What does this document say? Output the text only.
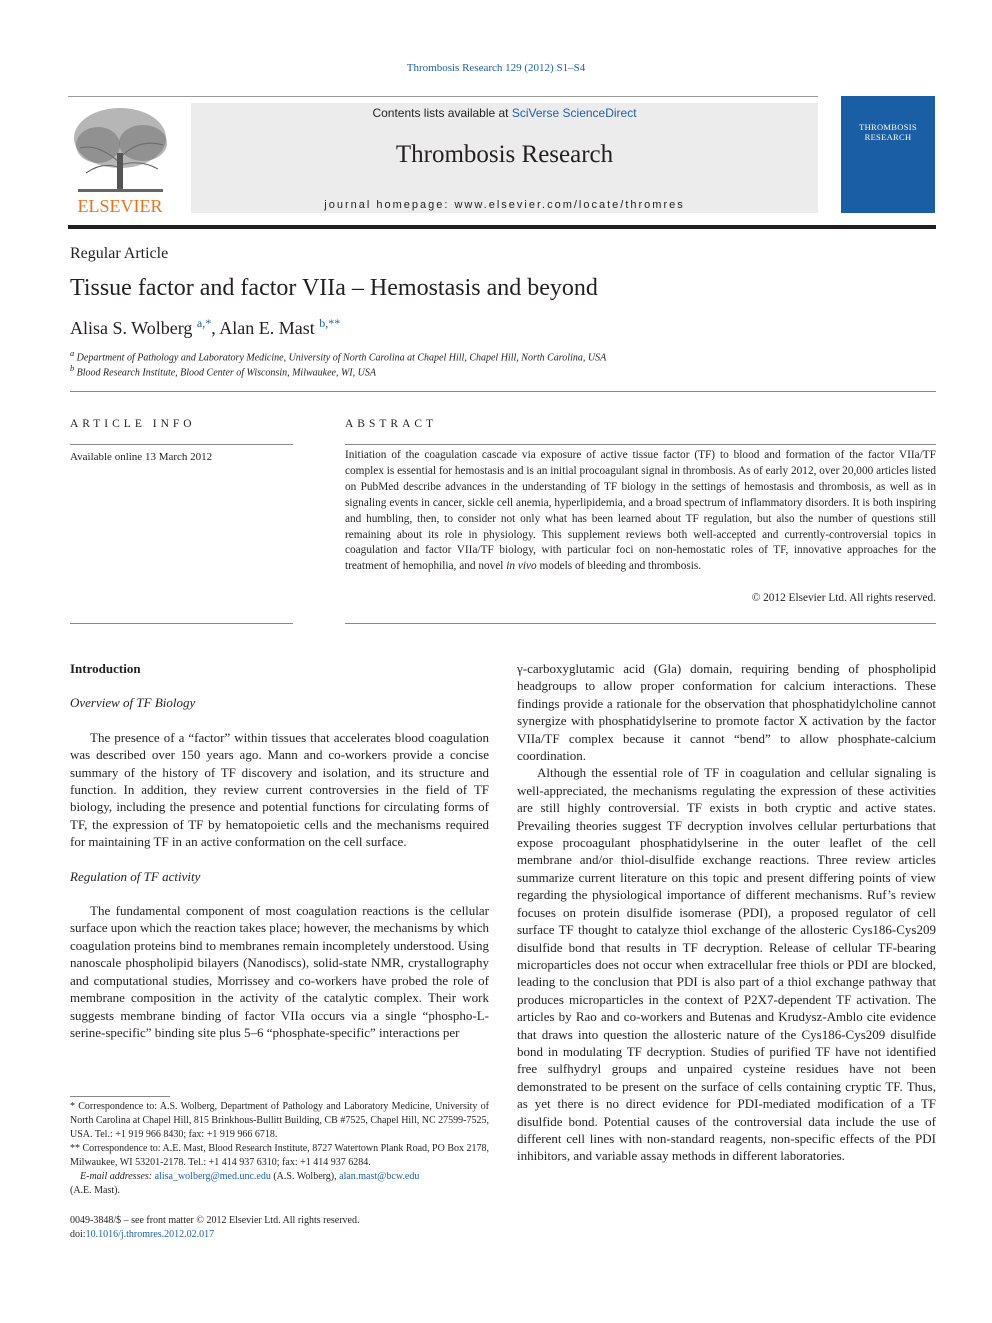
Thrombosis Research 129 (2012) S1–S4
ELSEVIER
Contents lists available at SciVerse ScienceDirect
Thrombosis Research
journal homepage: www.elsevier.com/locate/thromres
THROMBOSIS
RESEARCH
Regular Article
Tissue factor and factor VIIa – Hemostasis and beyond
Alisa S. Wolberg $^{a,*}$, Alan E. Mast $^{b,**}$
$^a$ Department of Pathology and Laboratory Medicine, University of North Carolina at Chapel Hill, Chapel Hill, North Carolina, USA
$^b$ Blood Research Institute, Blood Center of Wisconsin, Milwaukee, WI, USA
ARTICLE INFO	ABSTRACT
Available online 13 March 2012	Initiation of the coagulation cascade via exposure of active tissue factor (TF) to blood and formation of the factor VIIa/TF complex is essential for hemostasis and is an initial procoagulant signal in thrombosis. As of early 2012, over 20,000 articles listed on PubMed describe advances in the understanding of TF biology in the settings of hemostasis and thrombosis, as well as in signaling events in cancer, sickle cell anemia, hyperlipidemia, and a broad spectrum of inflammatory disorders. It is both inspiring and humbling, then, to consider not only what has been learned about TF regulation, but also the number of questions still remaining about its role in physiology. This supplement reviews both well-accepted and currently-controversial topics in coagulation and factor VIIa/TF biology, with particular foci on non-hemostatic roles of TF, innovative approaches for the treatment of hemophilia, and novel in vivo models of bleeding and thrombosis.
© 2012 Elsevier Ltd. All rights reserved.

Introduction

Overview of TF Biology

The presence of a “factor” within tissues that accelerates blood coagulation was described over 150 years ago. Mann and co-workers provide a concise summary of the history of TF discovery and isolation, and its structure and function. In addition, they review current controversies in the field of TF biology, including the presence and potential functions for circulating forms of TF, the expression of TF by hematopoietic cells and the mechanisms required for maintaining TF in an active conformation on the cell surface.

Regulation of TF activity

The fundamental component of most coagulation reactions is the cellular surface upon which the reaction takes place; however, the mechanisms by which coagulation proteins bind to membranes remain incompletely understood. Using nanoscale phospholipid bilayers (Nanodiscs), solid-state NMR, crystallography and computational studies, Morrissey and co-workers have probed the role of membrane composition in the activity of the catalytic complex. Their work suggests membrane binding of factor VIIa occurs via a single “phospho-L-serine-specific” binding site plus 5–6 “phosphate-specific” interactions per

γ-carboxyglutamic acid (Gla) domain, requiring bending of phospholipid headgroups to allow proper conformation for calcium interactions. These findings provide a rationale for the observation that phosphatidylcholine cannot synergize with phosphatidylserine to promote factor X activation by the factor VIIa/TF complex because it cannot “bend” to allow phosphate-calcium coordination.

Although the essential role of TF in coagulation and cellular signaling is well-appreciated, the mechanisms regulating the expression of these activities are still highly controversial. TF exists in both cryptic and active states. Prevailing theories suggest TF decryption involves cellular perturbations that expose procoagulant phosphatidylserine in the outer leaflet of the cell membrane and/or thiol-disulfide exchange reactions. Three review articles summarize current literature on this topic and present differing points of view regarding the physiological importance of different mechanisms. Ruf’s review focuses on protein disulfide isomerase (PDI), a proposed regulator of cell surface TF thought to catalyze thiol exchange of the allosteric Cys186-Cys209 disulfide bond that results in TF decryption. Release of cellular TF-bearing microparticles does not occur when extracellular free thiols or PDI are blocked, leading to the conclusion that PDI is also part of a thiol exchange pathway that produces microparticles in the context of P2X7-dependent TF activation. The articles by Rao and co-workers and Butenas and Krudysz-Amblo cite evidence that draws into question the allosteric nature of the Cys186-Cys209 disulfide bond in modulating TF decryption. Studies of purified TF have not identified free sulfhydryl groups and unpaired cysteine residues have not been demonstrated to be present on the surface of cells containing cryptic TF. Thus, as yet there is no direct evidence for PDI-mediated modification of a TF disulfide bond. Potential causes of the controversial data include the use of different cell lines with non-standard reagents, non-specific effects of the PDI inhibitors, and variable assay methods in different laboratories.

* Correspondence to: A.S. Wolberg, Department of Pathology and Laboratory Medicine, University of North Carolina at Chapel Hill, 815 Brinkhous-Bullitt Building, CB #7525, Chapel Hill, NC 27599-7525, USA. Tel.: +1 919 966 8430; fax: +1 919 966 6718.
** Correspondence to: A.E. Mast, Blood Research Institute, 8727 Watertown Plank Road, PO Box 2178, Milwaukee, WI 53201-2178. Tel.: +1 414 937 6310; fax: +1 414 937 6284.
E-mail addresses: alisa_wolberg@med.unc.edu (A.S. Wolberg), alan.mast@bcw.edu
(A.E. Mast).
0049-3848/$ – see front matter © 2012 Elsevier Ltd. All rights reserved.
doi:10.1016/j.thromres.2012.02.017
